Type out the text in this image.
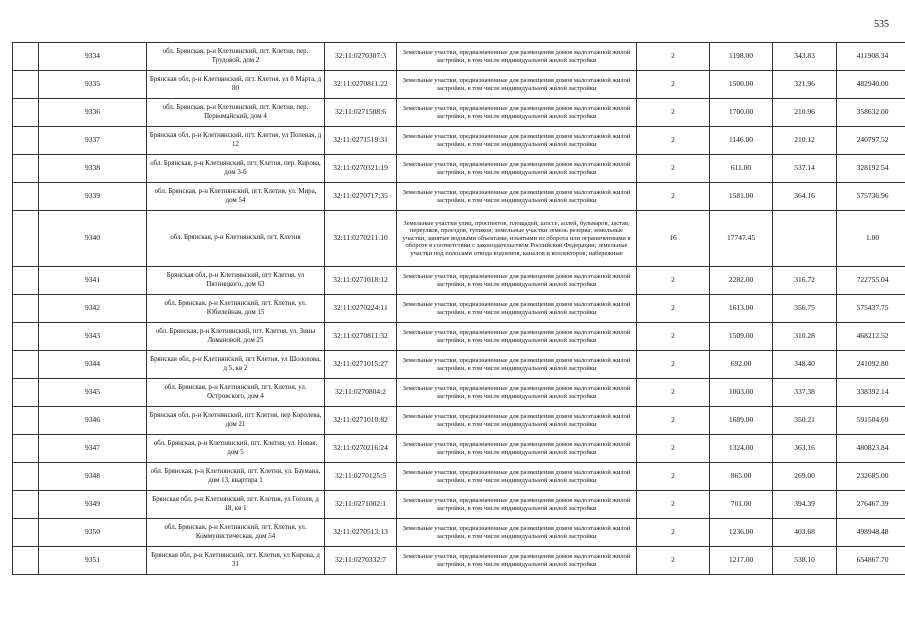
535
	9334	обл. Брянская, р-н Клетнянский, пгт. Клетня, пер. Трудовой, дом 2	32:11:0270307:3	Земельные участки, предназначенные для размещения домов малоэтажной жилой застройки, в том числе индивидуальной жилой застройки	2	1198.00	343.83	411908.34
	9335	Брянская обл, р-н Клетнянский, пгт. Клетня, ул 8 Марта, д 80	32:11:0270811:22	Земельные участки, предназначенные для размещения домов малоэтажной жилой застройки, в том числе индивидуальной жилой застройки	2	1500.00	321.96	482940.00
	9336	обл. Брянская, р-н Клетнянский, пгт. Клетня, пер. Первомайский, дом 4	32:11:0271508:6	Земельные участки, предназначенные для размещения домов малоэтажной жилой застройки, в том числе индивидуальной жилой застройки	2	1700.00	210.96	358632.00
	9337	Брянская обл, р-н Клетнянский, пгт. Клетня, ул Полевая, д 12	32:11:0271519:31	Земельные участки, предназначенные для размещения домов малоэтажной жилой застройки, в том числе индивидуальной жилой застройки	2	1146.00	210.12	240797.52
	9338	обл. Брянская, р-н Клетнянский, пгт. Клетня, пер. Кирова, дом 3-б	32:11:0270321:19	Земельные участки, предназначенные для размещения домов малоэтажной жилой застройки, в том числе индивидуальной жилой застройки	2	611.00	537.14	328192.54
	9339	обл. Брянская, р-н Клетнянский, пгт. Клетня, ул. Мира, дом 54	32:11:0270717:35	Земельные участки, предназначенные для размещения домов малоэтажной жилой застройки, в том числе индивидуальной жилой застройки	2	1581.00	364.16	575736.96
	9340	обл. Брянская, р-н Клетнянский, пгт. Клетня	32:11:0270211:10	Земельные участки улиц, проспектов, площадей, шоссе, аллей, бульваров, застав, переулков, проездов, тупиков; земельные участки земель резерва; земельные участки, занятые водными объектами, изъятыми из оборота или ограниченными в обороте в соответствии с законодательством Российской Федерации; земельные участки под полосами отвода водоемов, каналов и коллекторов, набережные	16	17747.45		1.00
	9341	Брянская обл, р-н Клетнянский, пгт Клетня, ул Пятницкого, дом 63	32:11:0271018:12	Земельные участки, предназначенные для размещения домов малоэтажной жилой застройки, в том числе индивидуальной жилой застройки	2	2282.00	316.72	722755.04
	9342	обл. Брянская, р-н Клетнянский, пгт. Клетня, ул. Юбилейная, дом 15	32:11:0270224:11	Земельные участки, предназначенные для размещения домов малоэтажной жилой застройки, в том числе индивидуальной жилой застройки	2	1613.00	356.75	575437.75
	9343	обл. Брянская, р-н Клетнянский, пгт. Клетня, ул. Зины Ломановой, дом 25	32:11:0270811:32	Земельные участки, предназначенные для размещения домов малоэтажной жилой застройки, в том числе индивидуальной жилой застройки	2	1509.00	310.28	468212.52
	9344	Брянская обл, р-н Клетнянский, пгт Клетня, ул Шолохова, д 5, кв 2	32:11:0271015:27	Земельные участки, предназначенные для размещения домов малоэтажной жилой застройки, в том числе индивидуальной жилой застройки	2	692.00	348.40	241092.80
	9345	обл. Брянская, р-н Клетнянский, пгт. Клетня, ул. Островского, дом 4	32:11:0270804:2	Земельные участки, предназначенные для размещения домов малоэтажной жилой застройки, в том числе индивидуальной жилой застройки	2	1003.00	337.38	338392.14
	9346	Брянская обл, р-н Клетнянский, пгт Клетня, пер Королева, дом 21	32:11:0271010:82	Земельные участки, предназначенные для размещения домов малоэтажной жилой застройки, в том числе индивидуальной жилой застройки	2	1689.00	350.21	591504.69
	9347	обл. Брянская, р-н Клетнянский, пгт. Клетня, ул. Новая, дом 5	32:11:0270216:24	Земельные участки, предназначенные для размещения домов малоэтажной жилой застройки, в том числе индивидуальной жилой застройки	2	1324.00	363.16	480823.84
	9348	обл. Брянская, р-н Клетнянский, пгт. Клетня, ул. Баумана, дом 13, квартира 1	32:11:0270125:5	Земельные участки, предназначенные для размещения домов малоэтажной жилой застройки, в том числе индивидуальной жилой застройки	2	865.00	269.00	232685.00
	9349	Брянская обл, р-н Клетнянский, пгт. Клетня, ул Гоголя, д 18, кв 1	32:11:0271002:1	Земельные участки, предназначенные для размещения домов малоэтажной жилой застройки, в том числе индивидуальной жилой застройки	2	701.00	394.39	276467.39
	9350	обл. Брянская, р-н Клетнянский, пгт. Клетня, ул. Коммунистическая, дом 54	32:11:0270513:13	Земельные участки, предназначенные для размещения домов малоэтажной жилой застройки, в том числе индивидуальной жилой застройки	2	1236.00	403.68	498948.48
	9351	Брянская обл, р-н Клетнянский, пгт. Клетня, ул Кирова, д 31	32:11:0270332:7	Земельные участки, предназначенные для размещения домов малоэтажной жилой застройки, в том числе индивидуальной жилой застройки	2	1217.00	538.10	654867.70
